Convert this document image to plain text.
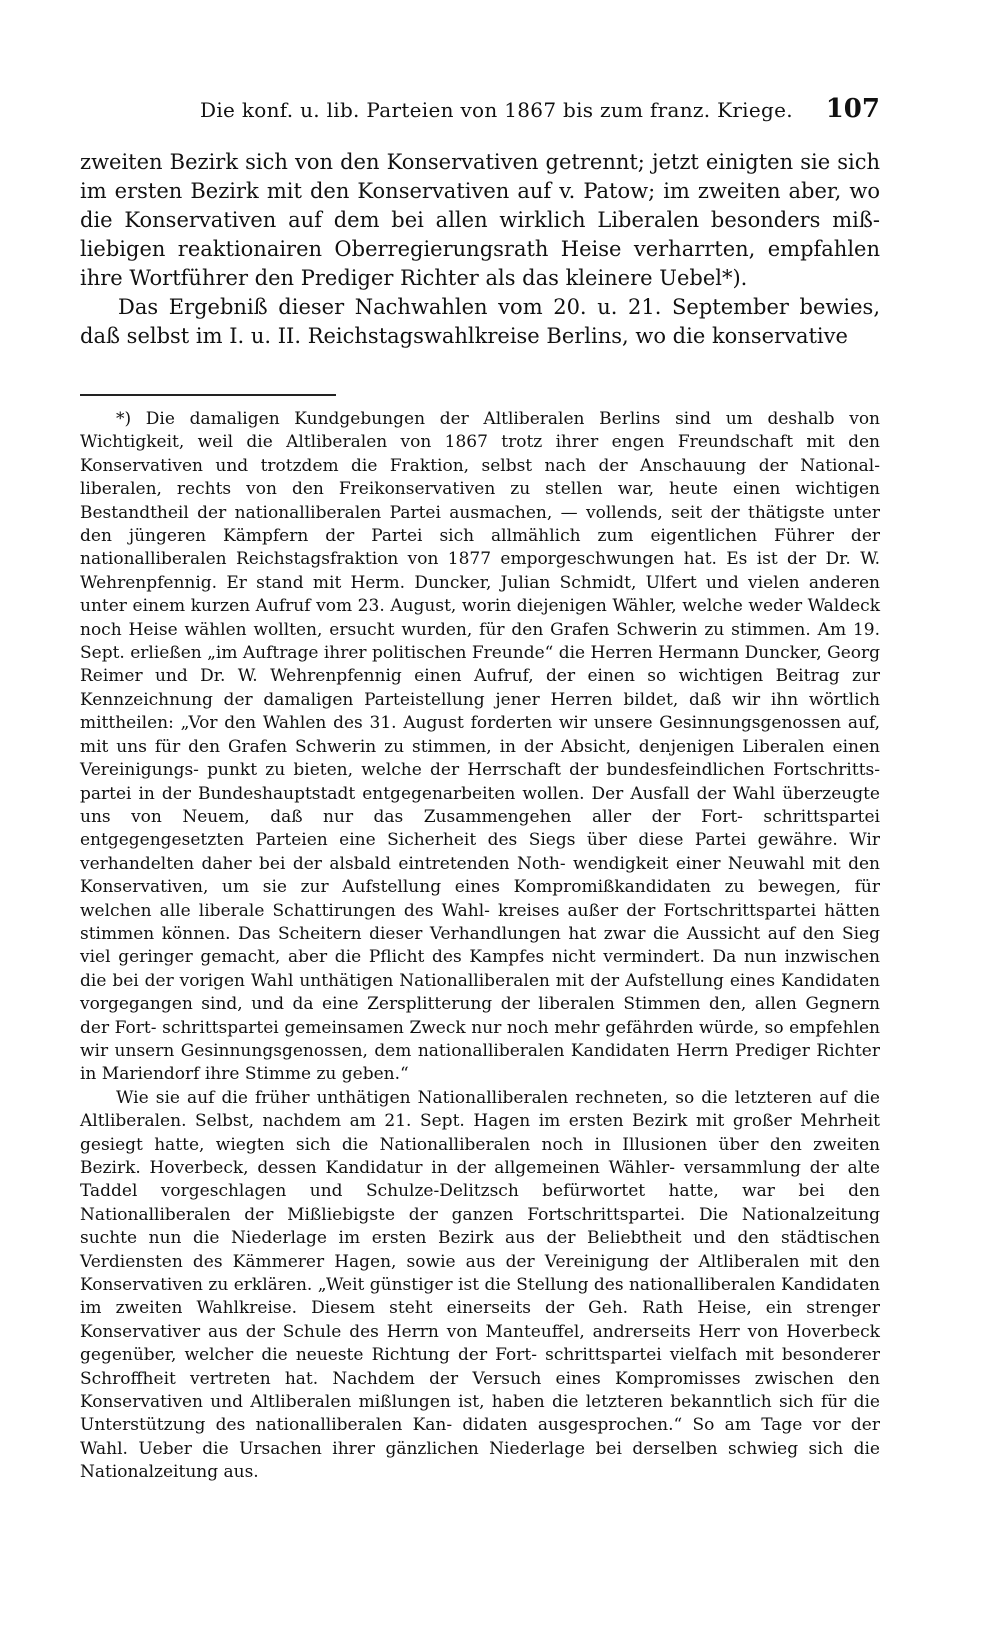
Die konf. u. lib. Parteien von 1867 bis zum franz. Kriege. 107

zweiten Bezirk sich von den Konservativen getrennt; jetzt einigten sie sich im ersten Bezirk mit den Konservativen auf v. Patow; im zweiten aber, wo die Konservativen auf dem bei allen wirklich Liberalen besonders miß- liebigen reaktionairen Oberregierungsrath Heise verharrten, empfahlen ihre Wortführer den Prediger Richter als das kleinere Uebel*).

Das Ergebniß dieser Nachwahlen vom 20. u. 21. September bewies, daß selbst im I. u. II. Reichstagswahlkreise Berlins, wo die konservative

*) Die damaligen Kundgebungen der Altliberalen Berlins sind um deshalb von Wichtigkeit, weil die Altliberalen von 1867 trotz ihrer engen Freundschaft mit den Konservativen und trotzdem die Fraktion, selbst nach der Anschauung der National- liberalen, rechts von den Freikonservativen zu stellen war, heute einen wichtigen Bestandtheil der nationalliberalen Partei ausmachen, — vollends, seit der thätigste unter den jüngeren Kämpfern der Partei sich allmählich zum eigentlichen Führer der nationalliberalen Reichstagsfraktion von 1877 emporgeschwungen hat. Es ist der Dr. W. Wehrenpfennig. Er stand mit Herm. Duncker, Julian Schmidt, Ulfert und vielen anderen unter einem kurzen Aufruf vom 23. August, worin diejenigen Wähler, welche weder Waldeck noch Heise wählen wollten, ersucht wurden, für den Grafen Schwerin zu stimmen. Am 19. Sept. erließen „im Auftrage ihrer politischen Freunde“ die Herren Hermann Duncker, Georg Reimer und Dr. W. Wehrenpfennig einen Aufruf, der einen so wichtigen Beitrag zur Kennzeichnung der damaligen Parteistellung jener Herren bildet, daß wir ihn wörtlich mittheilen: „Vor den Wahlen des 31. August forderten wir unsere Gesinnungsgenossen auf, mit uns für den Grafen Schwerin zu stimmen, in der Absicht, denjenigen Liberalen einen Vereinigungs- punkt zu bieten, welche der Herrschaft der bundesfeindlichen Fortschritts- partei in der Bundeshauptstadt entgegenarbeiten wollen. Der Ausfall der Wahl überzeugte uns von Neuem, daß nur das Zusammengehen aller der Fort- schrittspartei entgegengesetzten Parteien eine Sicherheit des Siegs über diese Partei gewähre. Wir verhandelten daher bei der alsbald eintretenden Noth- wendigkeit einer Neuwahl mit den Konservativen, um sie zur Aufstellung eines Kompromißkandidaten zu bewegen, für welchen alle liberale Schattirungen des Wahl- kreises außer der Fortschrittspartei hätten stimmen können. Das Scheitern dieser Verhandlungen hat zwar die Aussicht auf den Sieg viel geringer gemacht, aber die Pflicht des Kampfes nicht vermindert. Da nun inzwischen die bei der vorigen Wahl unthätigen Nationalliberalen mit der Aufstellung eines Kandidaten vorgegangen sind, und da eine Zersplitterung der liberalen Stimmen den, allen Gegnern der Fort- schrittspartei gemeinsamen Zweck nur noch mehr gefährden würde, so empfehlen wir unsern Gesinnungsgenossen, dem nationalliberalen Kandidaten Herrn Prediger Richter in Mariendorf ihre Stimme zu geben.“

Wie sie auf die früher unthätigen Nationalliberalen rechneten, so die letzteren auf die Altliberalen. Selbst, nachdem am 21. Sept. Hagen im ersten Bezirk mit großer Mehrheit gesiegt hatte, wiegten sich die Nationalliberalen noch in Illusionen über den zweiten Bezirk. Hoverbeck, dessen Kandidatur in der allgemeinen Wähler- versammlung der alte Taddel vorgeschlagen und Schulze-Delitzsch befürwortet hatte, war bei den Nationalliberalen der Mißliebigste der ganzen Fortschrittspartei. Die Nationalzeitung suchte nun die Niederlage im ersten Bezirk aus der Beliebtheit und den städtischen Verdiensten des Kämmerer Hagen, sowie aus der Vereinigung der Altliberalen mit den Konservativen zu erklären. „Weit günstiger ist die Stellung des nationalliberalen Kandidaten im zweiten Wahlkreise. Diesem steht einerseits der Geh. Rath Heise, ein strenger Konservativer aus der Schule des Herrn von Manteuffel, andrerseits Herr von Hoverbeck gegenüber, welcher die neueste Richtung der Fort- schrittspartei vielfach mit besonderer Schroffheit vertreten hat. Nachdem der Versuch eines Kompromisses zwischen den Konservativen und Altliberalen mißlungen ist, haben die letzteren bekanntlich sich für die Unterstützung des nationalliberalen Kan- didaten ausgesprochen.“ So am Tage vor der Wahl. Ueber die Ursachen ihrer gänzlichen Niederlage bei derselben schwieg sich die Nationalzeitung aus.
